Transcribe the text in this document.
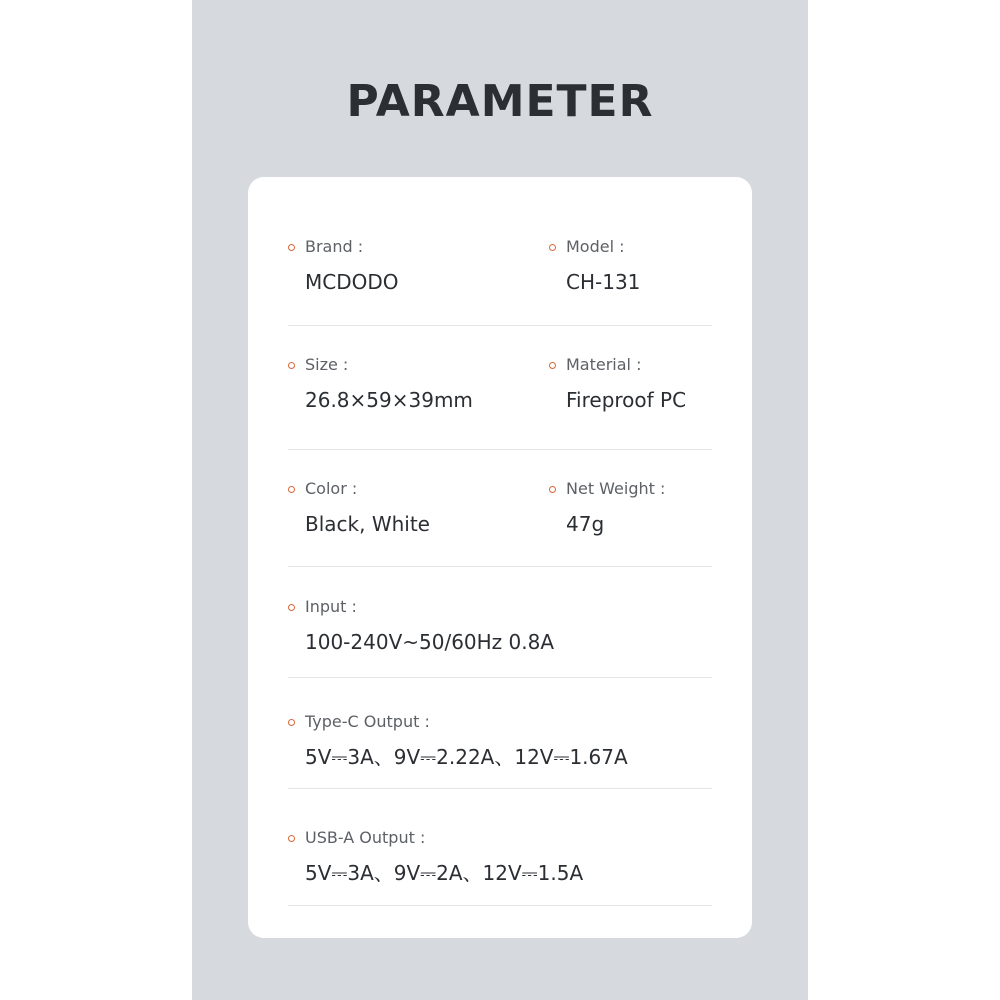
PARAMETER
Brand :
MCDODO
Model :
CH-131
Size :
26.8×59×39mm
Material :
Fireproof PC
Color :
Black, White
Net Weight :
47g
Input :
100-240V~50/60Hz 0.8A
Type-C Output :
5V⎓3A、9V⎓2.22A、12V⎓1.67A
USB-A Output :
5V⎓3A、9V⎓2A、12V⎓1.5A
